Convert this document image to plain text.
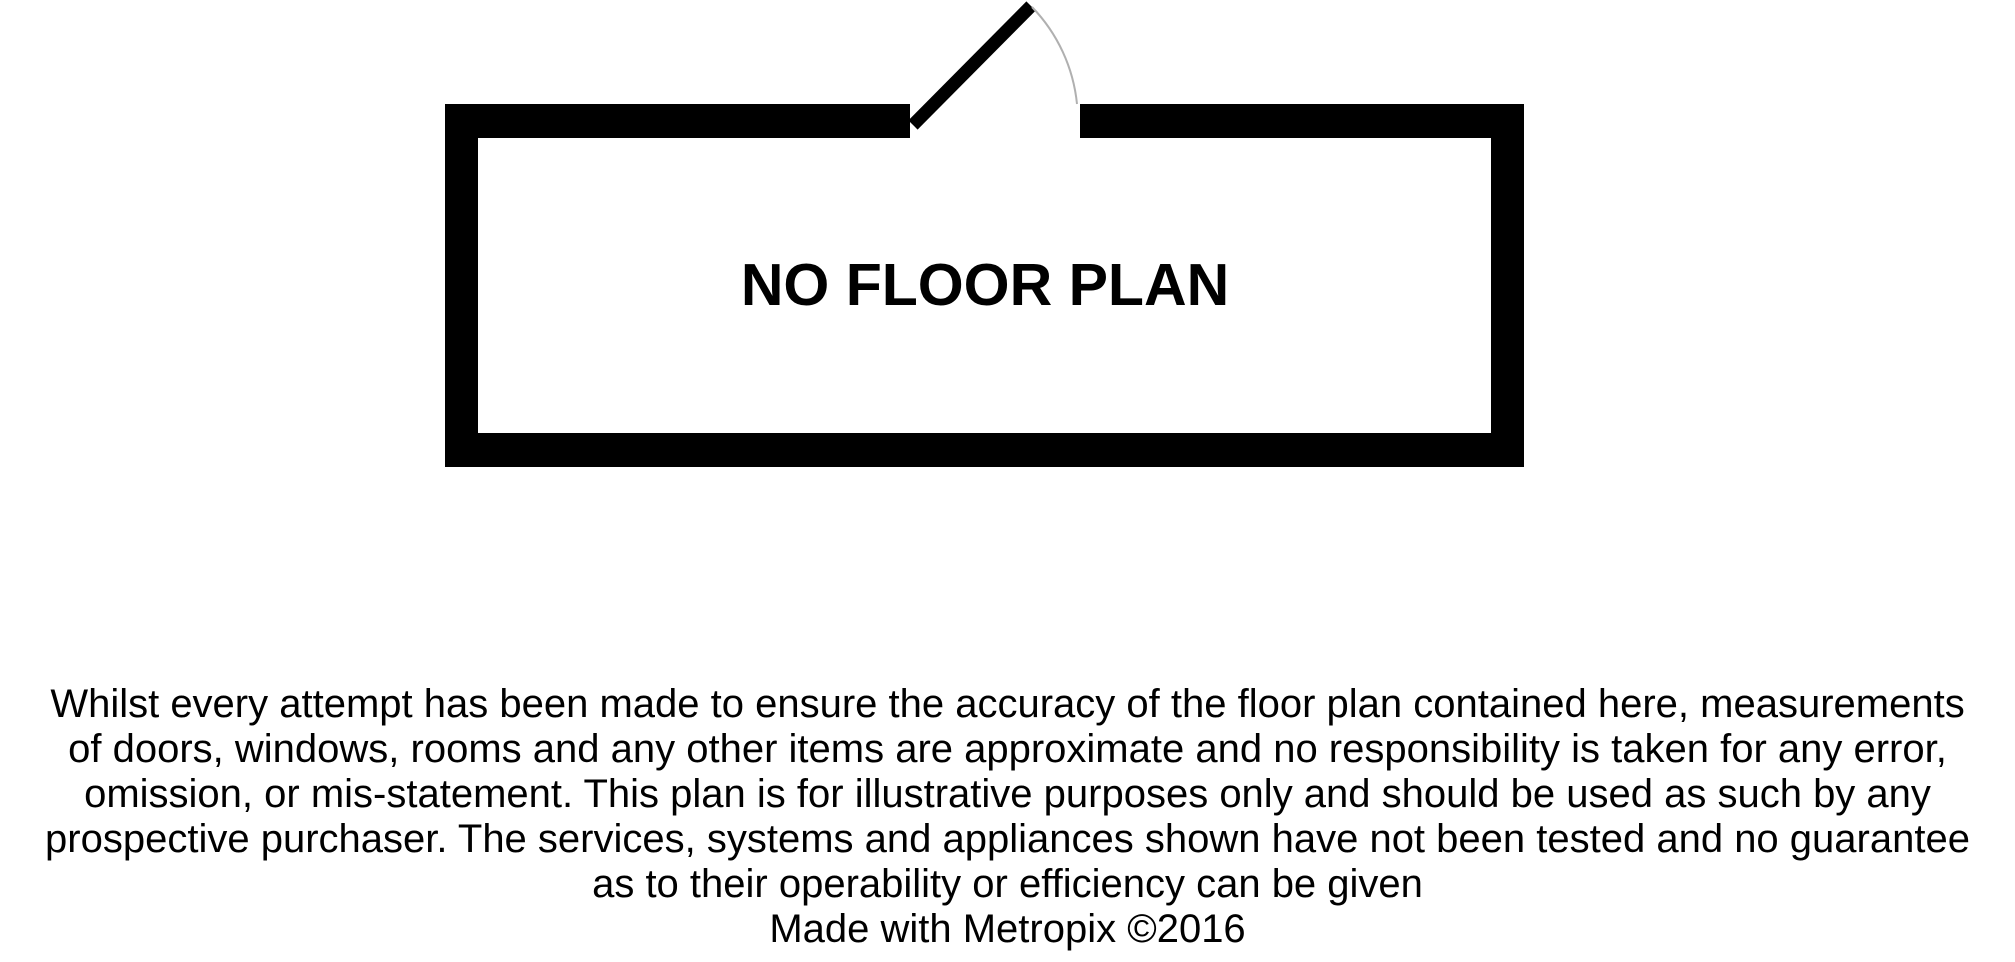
NO FLOOR PLAN
Whilst every attempt has been made to ensure the accuracy of the floor plan contained here, measurements
of doors, windows, rooms and any other items are approximate and no responsibility is taken for any error,
omission, or mis-statement. This plan is for illustrative purposes only and should be used as such by any
prospective purchaser. The services, systems and appliances shown have not been tested and no guarantee
as to their operability or efficiency can be given
Made with Metropix ©2016
